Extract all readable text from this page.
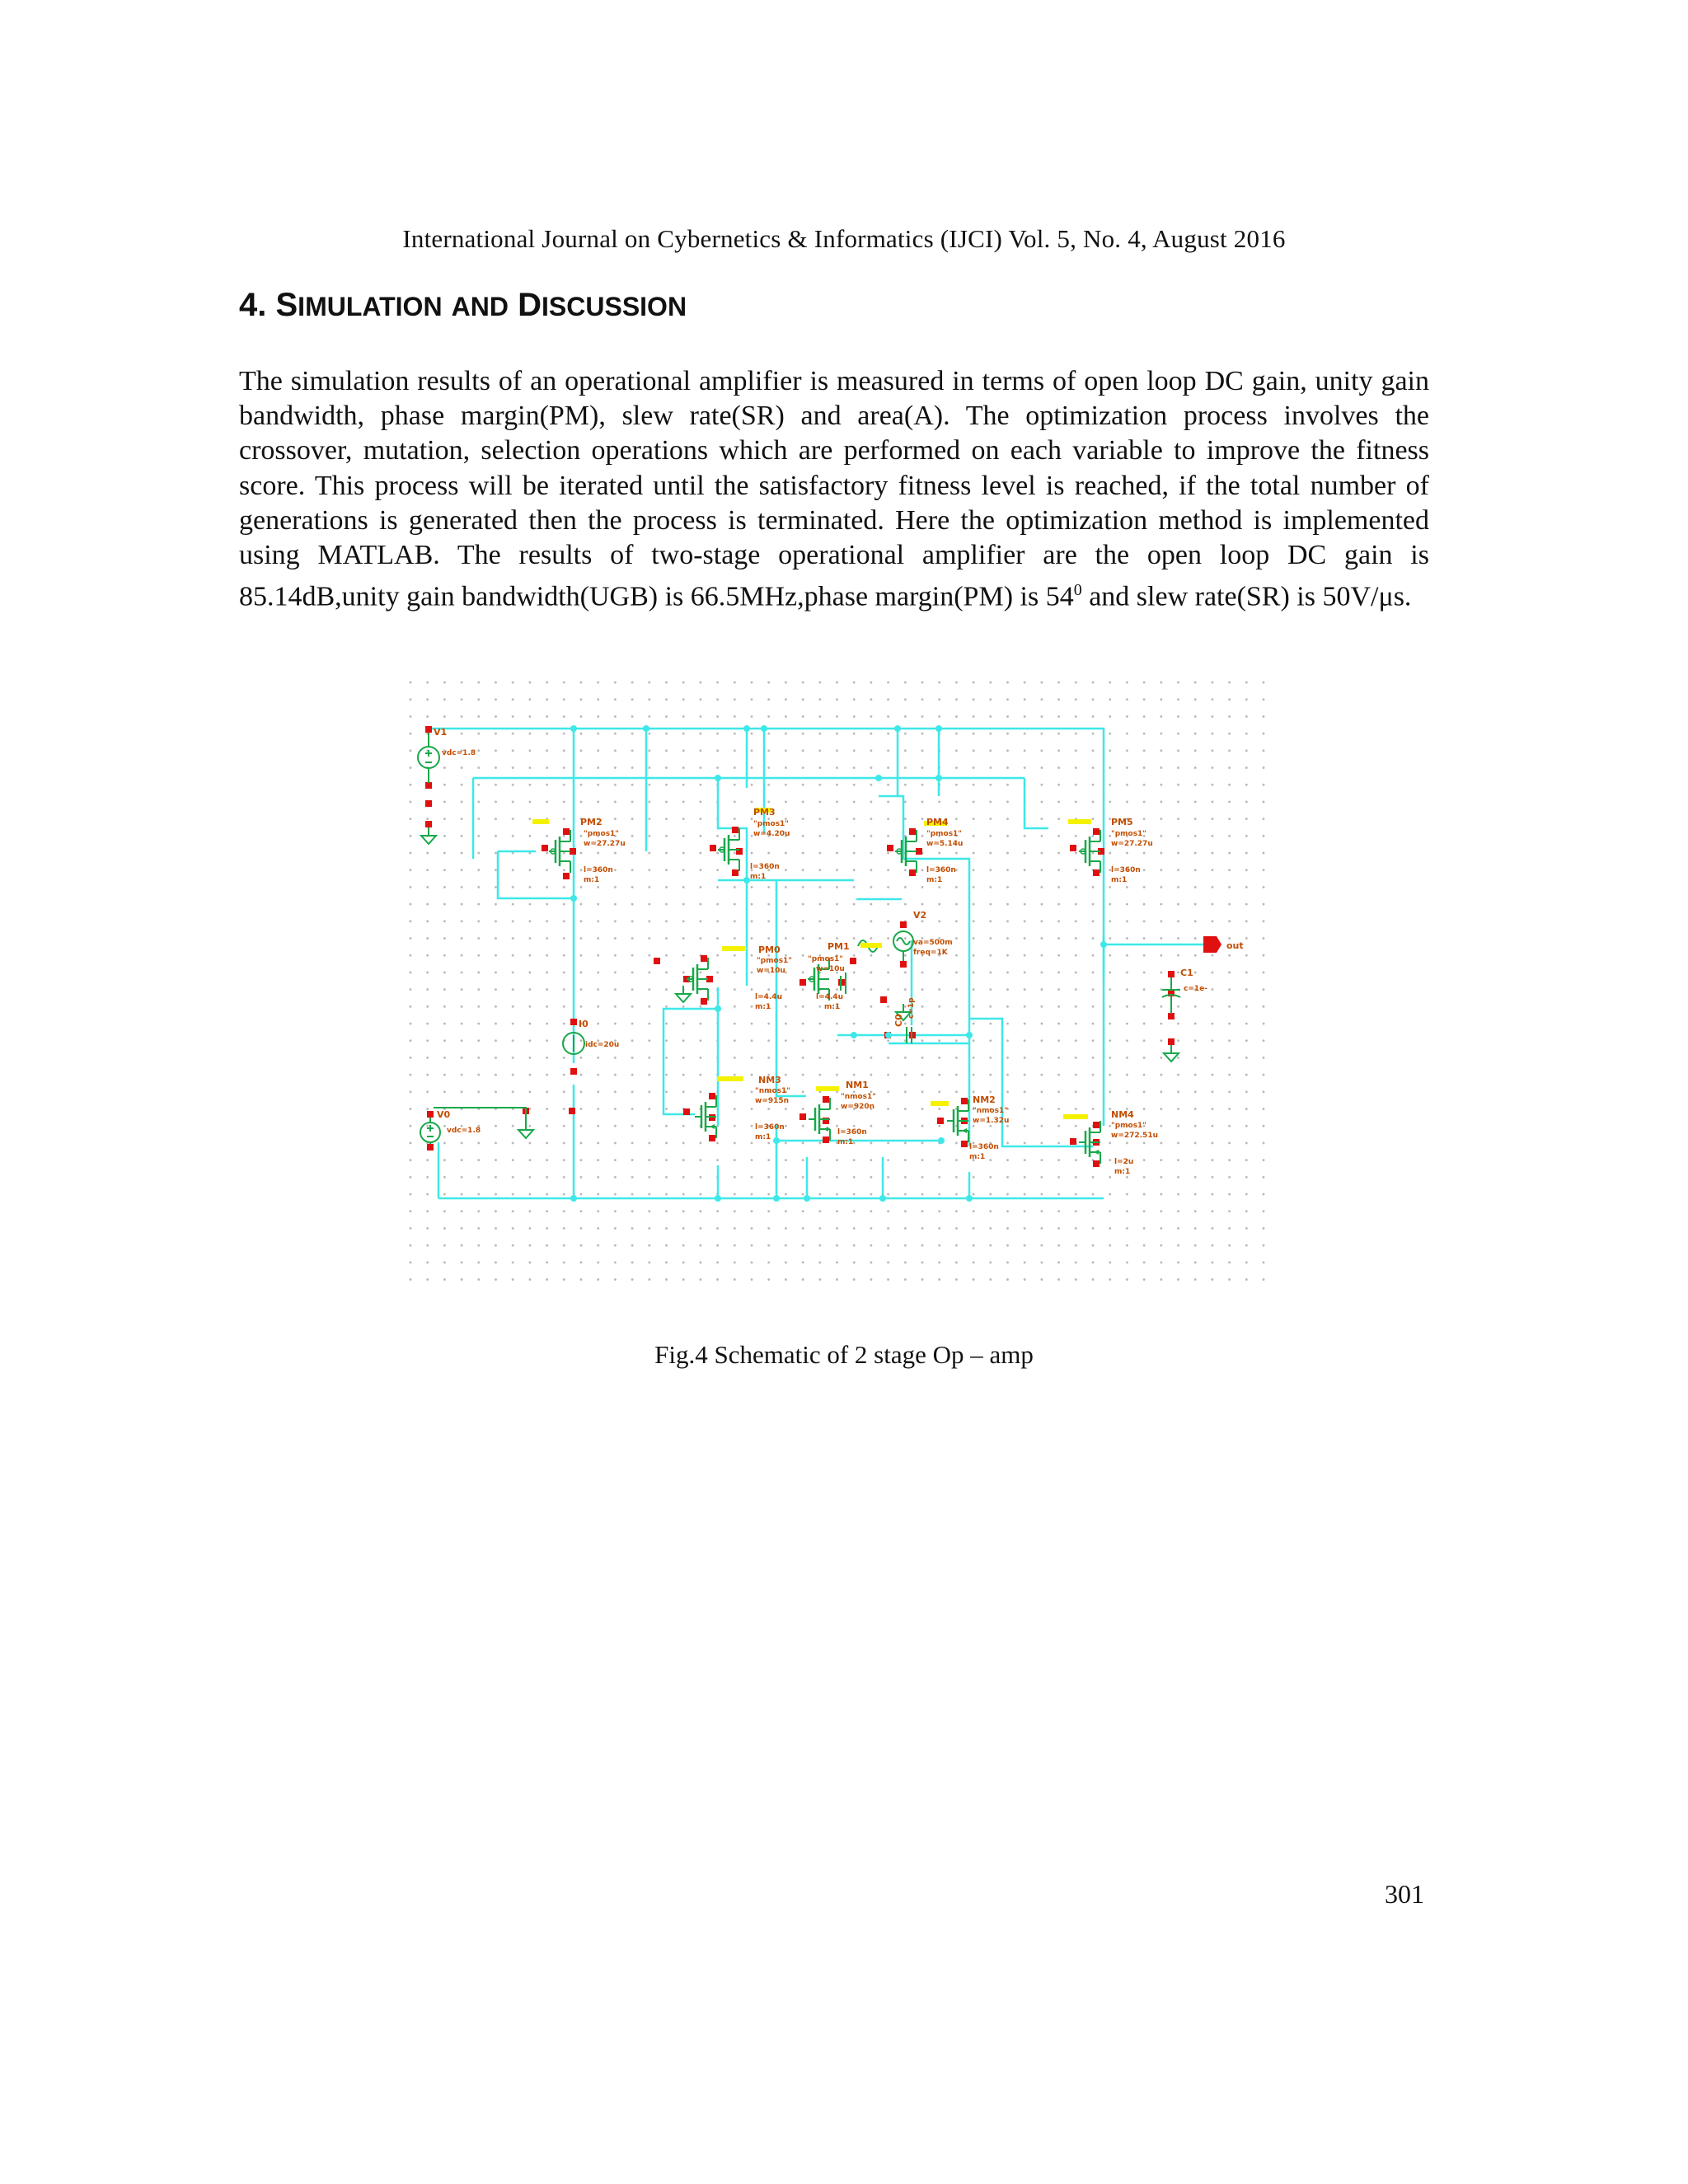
International Journal on Cybernetics & Informatics (IJCI) Vol. 5, No. 4, August 2016
4. SIMULATION AND DISCUSSION

The simulation results of an operational amplifier is measured in terms of open loop DC gain, unity gain bandwidth, phase margin(PM), slew rate(SR) and area(A). The optimization process involves the crossover, mutation, selection operations which are performed on each variable to improve the fitness score. This process will be iterated until the satisfactory fitness level is reached, if the total number of generations is generated then the process is terminated. Here the optimization method is implemented using MATLAB. The results of two-stage operational amplifier are the open loop DC gain is 85.14dB,unity gain bandwidth(UGB) is 66.5MHz,phase margin(PM) is $54^0$ and slew rate(SR) is 50V/μs.

V1
vdc=1.8
PM2
"pmos1"
w=27.27u
l=360n
m:1
PM3
"pmos1"
w=4.20u
l=360n
m:1
PM4
"pmos1"
w=5.14u
l=360n
m:1
PM5
"pmos1"
w=27.27u
l=360n
m:1
PM0
"pmos1"
w=10u
l=4.4u
m:1
PM1
"pmos1"
w=10u
l=4.4u
m:1
V2
va=500m
freq=1K
out
C1
c=1e-
C0
c=1p
I0
idc=20u
NM3
"nmos1"
w=915n
l=360n
m:1
NM1
"nmos1"
w=920n
l=360n
m:1
NM2
"nmos1"
w=1.32u
l=360n
m:1
NM4
"pmos1"
w=272.51u
l=2u
m:1
V0
vdc=1.8
Fig.4 Schematic of 2 stage Op – amp
301
